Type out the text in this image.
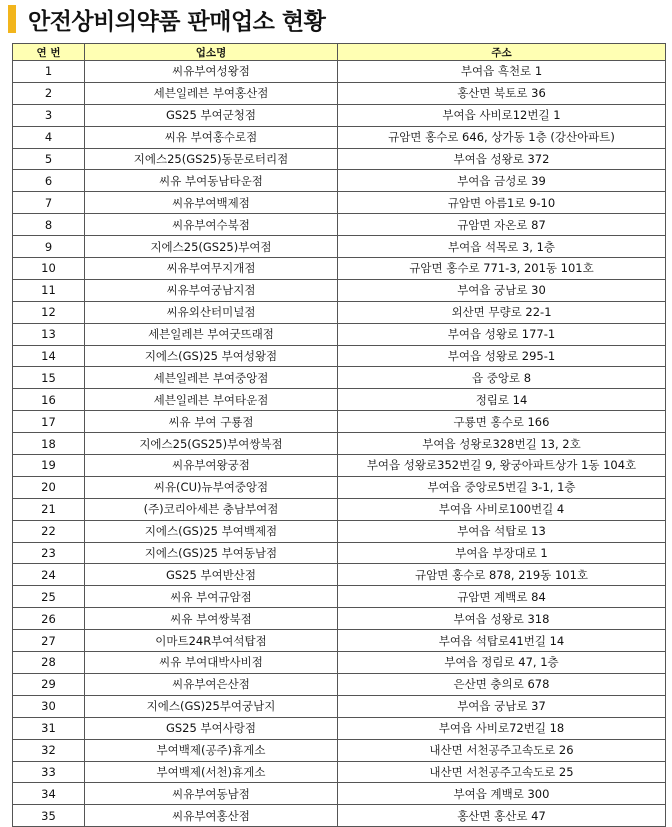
안전상비의약품 판매업소 현황
연 번	업소명	주소
1	씨유부여성왕점	부여읍 흑천로 1
2	세븐일레븐 부여홍산점	홍산면 북토로 36
3	GS25 부여군청점	부여읍 사비로12번길 1
4	씨유 부여홍수로점	규암면 홍수로 646, 상가동 1층 (강산아파트)
5	지에스25(GS25)동문로터리점	부여읍 성왕로 372
6	씨유 부여동남타운점	부여읍 금성로 39
7	씨유부여백제점	규암면 아름1로 9-10
8	씨유부여수북점	규암면 자온로 87
9	지에스25(GS25)부여점	부여읍 석목로 3, 1층
10	씨유부여무지개점	규암면 홍수로 771-3, 201동 101호
11	씨유부여궁남지점	부여읍 궁남로 30
12	씨유외산터미널점	외산면 무량로 22-1
13	세븐일레븐 부여굿뜨래점	부여읍 성왕로 177-1
14	지에스(GS)25 부여성왕점	부여읍 성왕로 295-1
15	세븐일레븐 부여중앙점	읍 중앙로 8
16	세븐일레븐 부여타운점	정림로 14
17	씨유 부여 구룡점	구룡면 홍수로 166
18	지에스25(GS25)부여쌍북점	부여읍 성왕로328번길 13, 2호
19	씨유부여왕궁점	부여읍 성왕로352번길 9, 왕궁아파트상가 1동 104호
20	씨유(CU)뉴부여중앙점	부여읍 중앙로5번길 3-1, 1층
21	(주)코리아세븐 충남부여점	부여읍 사비로100번길 4
22	지에스(GS)25 부여백제점	부여읍 석탑로 13
23	지에스(GS)25 부여동남점	부여읍 부장대로 1
24	GS25 부여반산점	규암면 홍수로 878, 219동 101호
25	씨유 부여규암점	규암면 계백로 84
26	씨유 부여쌍북점	부여읍 성왕로 318
27	이마트24R부여석탑점	부여읍 석탑로41번길 14
28	씨유 부여대박사비점	부여읍 정림로 47, 1층
29	씨유부여은산점	은산면 충의로 678
30	지에스(GS)25부여궁남지	부여읍 궁남로 37
31	GS25 부여사랑점	부여읍 사비로72번길 18
32	부여백제(공주)휴게소	내산면 서천공주고속도로 26
33	부여백제(서천)휴게소	내산면 서천공주고속도로 25
34	씨유부여동남점	부여읍 계백로 300
35	씨유부여홍산점	홍산면 홍산로 47
